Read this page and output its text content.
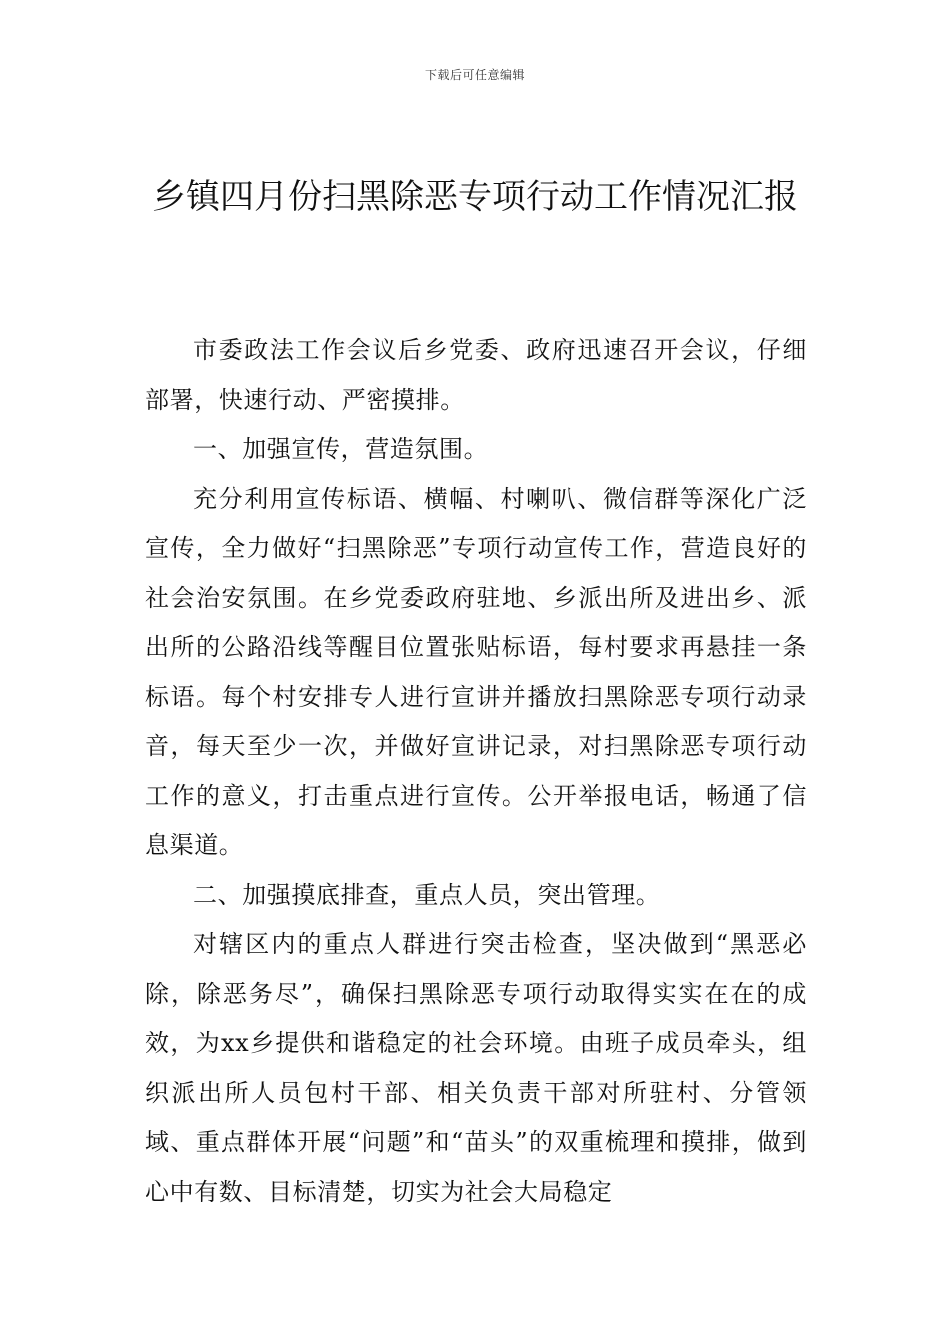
下载后可任意编辑
乡镇四月份扫黑除恶专项行动工作情况汇报

市委政法工作会议后乡党委、政府迅速召开会议，仔细部署，快速行动、严密摸排。

一、加强宣传，营造氛围。

充分利用宣传标语、横幅、村喇叭、微信群等深化广泛宣传，全力做好“扫黑除恶”专项行动宣传工作，营造良好的社会治安氛围。在乡党委政府驻地、乡派出所及进出乡、派出所的公路沿线等醒目位置张贴标语，每村要求再悬挂一条标语。每个村安排专人进行宣讲并播放扫黑除恶专项行动录音，每天至少一次，并做好宣讲记录，对扫黑除恶专项行动工作的意义，打击重点进行宣传。公开举报电话，畅通了信息渠道。

二、加强摸底排查，重点人员，突出管理。

对辖区内的重点人群进行突击检查，坚决做到“黑恶必除，除恶务尽”，确保扫黑除恶专项行动取得实实在在的成效，为xx乡提供和谐稳定的社会环境。由班子成员牵头，组织派出所人员包村干部、相关负责干部对所驻村、分管领域、重点群体开展“问题”和“苗头”的双重梳理和摸排，做到心中有数、目标清楚，切实为社会大局稳定
